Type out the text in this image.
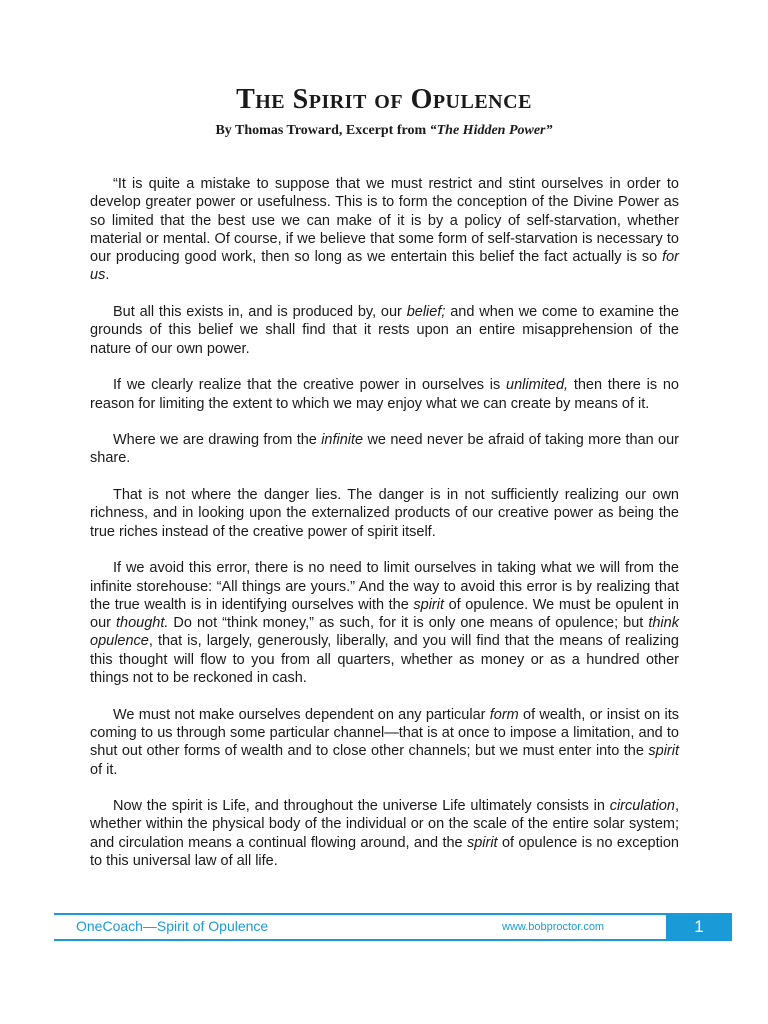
The Spirit of Opulence
By Thomas Troward, Excerpt from “The Hidden Power”

“It is quite a mistake to suppose that we must restrict and stint ourselves in order to develop greater power or usefulness. This is to form the conception of the Divine Power as so limited that the best use we can make of it is by a policy of self-starvation, whether material or mental. Of course, if we believe that some form of self-starvation is necessary to our producing good work, then so long as we entertain this belief the fact actually is so for us.

But all this exists in, and is produced by, our belief; and when we come to examine the grounds of this belief we shall find that it rests upon an entire misapprehension of the nature of our own power.

If we clearly realize that the creative power in ourselves is unlimited, then there is no reason for limiting the extent to which we may enjoy what we can create by means of it.

Where we are drawing from the infinite we need never be afraid of taking more than our share.

That is not where the danger lies. The danger is in not sufficiently realizing our own richness, and in looking upon the externalized products of our creative power as being the true riches instead of the creative power of spirit itself.

If we avoid this error, there is no need to limit ourselves in taking what we will from the infinite storehouse: “All things are yours.” And the way to avoid this error is by realizing that the true wealth is in identifying ourselves with the spirit of opulence. We must be opulent in our thought. Do not “think money,” as such, for it is only one means of opulence; but think opulence, that is, largely, generously, liberally, and you will find that the means of realizing this thought will flow to you from all quarters, whether as money or as a hundred other things not to be reckoned in cash.

We must not make ourselves dependent on any particular form of wealth, or insist on its coming to us through some particular channel—that is at once to impose a limitation, and to shut out other forms of wealth and to close other channels; but we must enter into the spirit of it.

Now the spirit is Life, and throughout the universe Life ultimately consists in circulation, whether within the physical body of the individual or on the scale of the entire solar system; and circulation means a continual flowing around, and the spirit of opulence is no exception to this universal law of all life.

OneCoach—Spirit of Opulence	www.bobproctor.com	1
